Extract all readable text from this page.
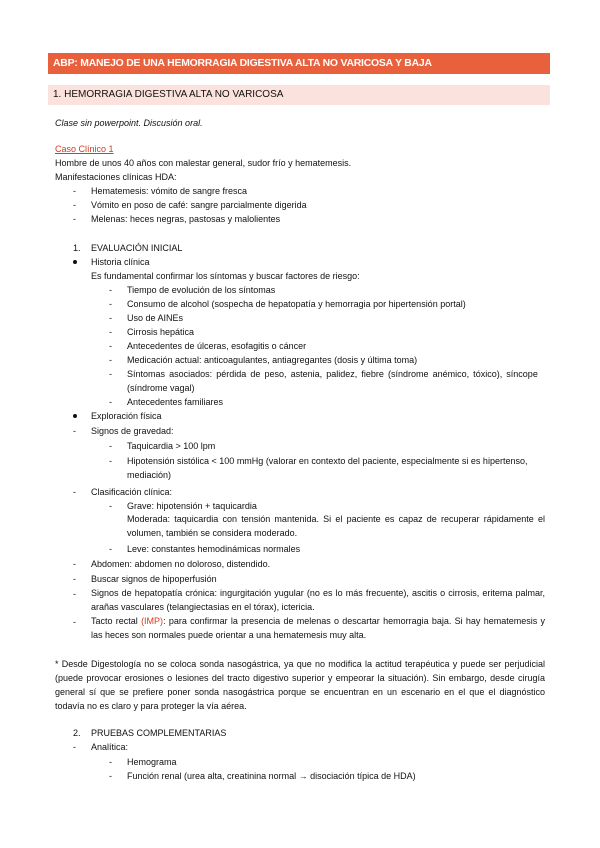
ABP: MANEJO DE UNA HEMORRAGIA DIGESTIVA ALTA NO VARICOSA Y BAJA
1. HEMORRAGIA DIGESTIVA ALTA NO VARICOSA
Clase sin powerpoint. Discusión oral.
Caso Clínico 1
Hombre de unos 40 años con malestar general, sudor frío y hematemesis.
Manifestaciones clínicas HDA:
- Hematemesis: vómito de sangre fresca
- Vómito en poso de café: sangre parcialmente digerida
- Melenas: heces negras, pastosas y malolientes
1. EVALUACIÓN INICIAL
Historia clínica
Es fundamental confirmar los síntomas y buscar factores de riesgo:
- Tiempo de evolución de los síntomas
- Consumo de alcohol (sospecha de hepatopatía y hemorragia por hipertensión portal)
- Uso de AINEs
- Cirrosis hepática
- Antecedentes de úlceras, esofagitis o cáncer
- Medicación actual: anticoagulantes, antiagregantes (dosis y última toma)
- Síntomas asociados: pérdida de peso, astenia, palidez, fiebre (síndrome anémico, tóxico), síncope
(síndrome vagal)
- Antecedentes familiares
Exploración física
- Signos de gravedad:
- Taquicardia > 100 lpm
- Hipotensión sistólica < 100 mmHg (valorar en contexto del paciente, especialmente si es hipertenso,
mediación)
- Clasificación clínica:
- Grave: hipotensión + taquicardia
Moderada: taquicardia con tensión mantenida. Si el paciente es capaz de recuperar rápidamente el volumen, también se considera moderado.
- Leve: constantes hemodinámicas normales
- Abdomen: abdomen no doloroso, distendido.
- Buscar signos de hipoperfusión
- Signos de hepatopatía crónica: ingurgitación yugular (no es lo más frecuente), ascitis o cirrosis, eritema palmar, arañas vasculares (telangiectasias en el tórax), ictericia.
- Tacto rectal (IMP): para confirmar la presencia de melenas o descartar hemorragia baja. Si hay hematemesis y las heces son normales puede orientar a una hematemesis muy alta.
* Desde Digestología no se coloca sonda nasogástrica, ya que no modifica la actitud terapéutica y puede ser perjudicial (puede provocar erosiones o lesiones del tracto digestivo superior y empeorar la situación). Sin embargo, desde cirugía general sí que se prefiere poner sonda nasogástrica porque se encuentran en un escenario en el que el diagnóstico todavía no es claro y para proteger la vía aérea.
2. PRUEBAS COMPLEMENTARIAS
- Analítica:
- Hemograma
- Función renal (urea alta, creatinina normal → disociación típica de HDA)
